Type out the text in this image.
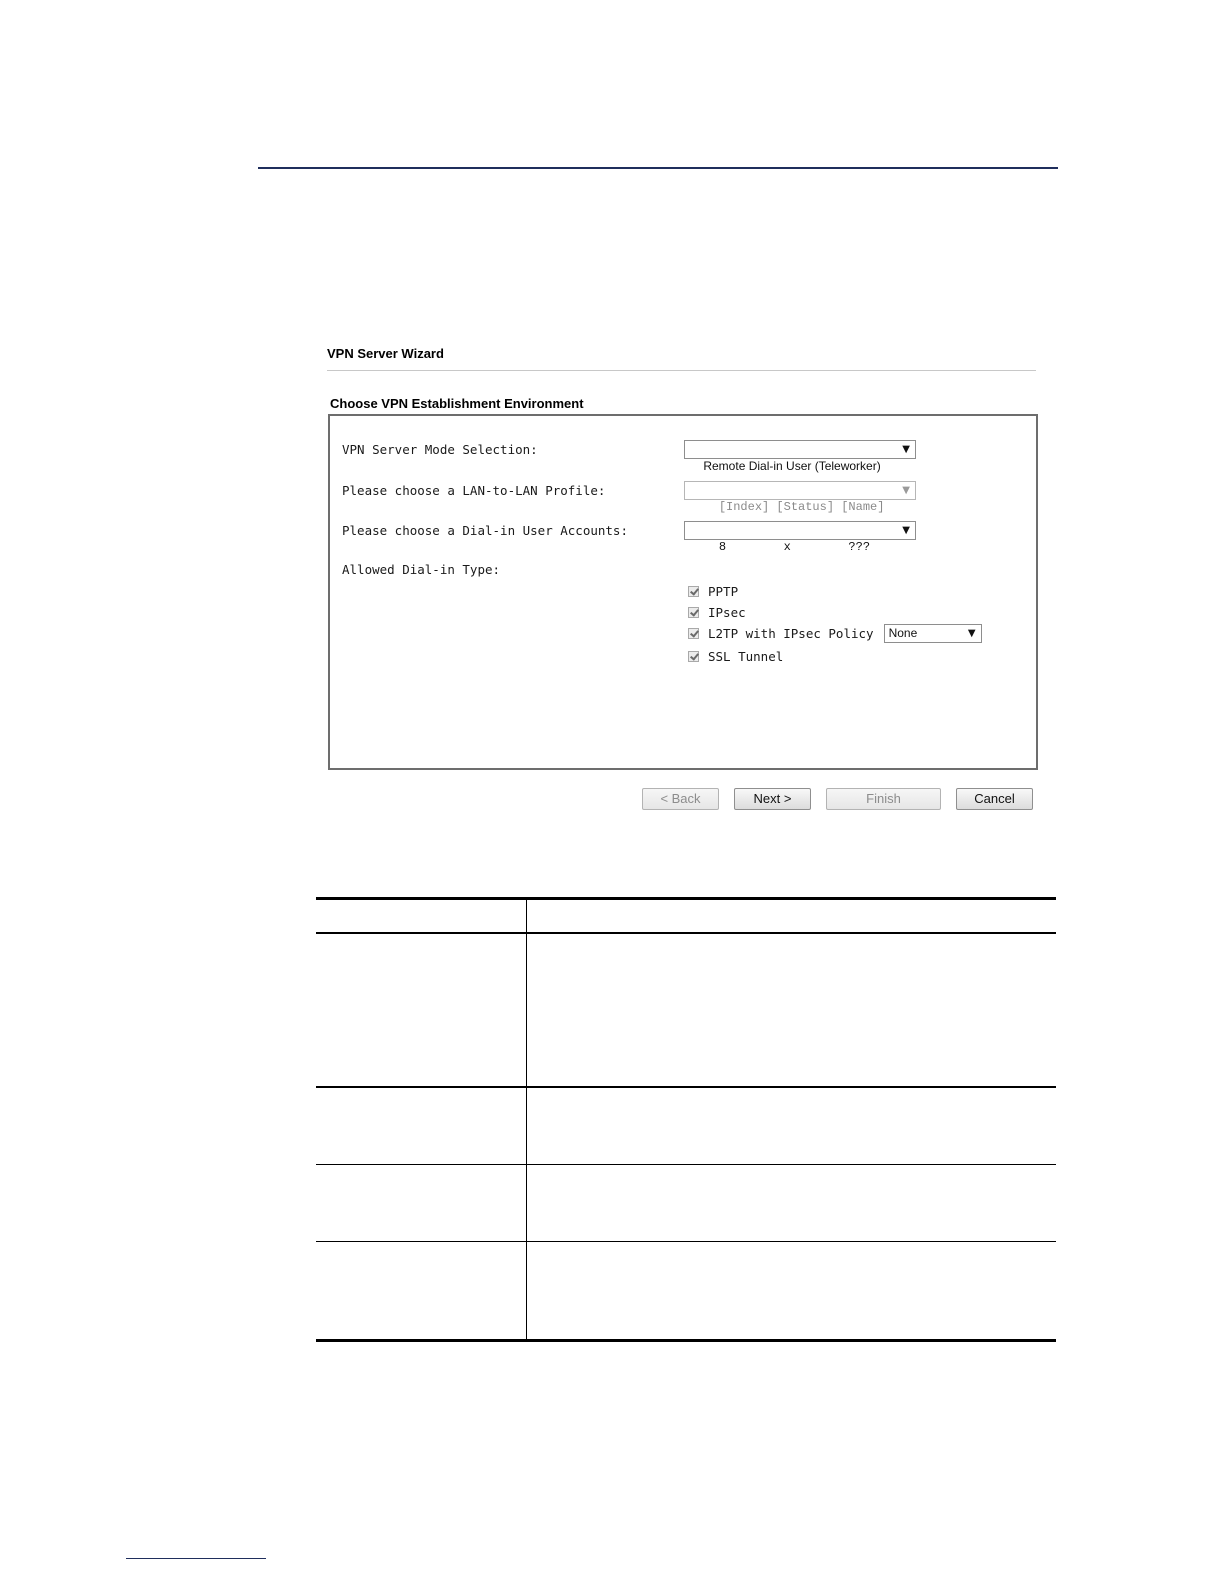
VPN Server Wizard
Choose VPN Establishment Environment
VPN Server Mode Selection:

Remote Dial-in User (Teleworker)

▼

Please choose a LAN-to-LAN Profile:

[Index] [Status] [Name]

▼

Please choose a Dial-in User Accounts:

8        x        ???

▼

Allowed Dial-in Type:
PPTP
IPsec
L2TP with IPsec Policy	None	▼
SSL Tunnel
< Back	Next >	Finish	Cancel
